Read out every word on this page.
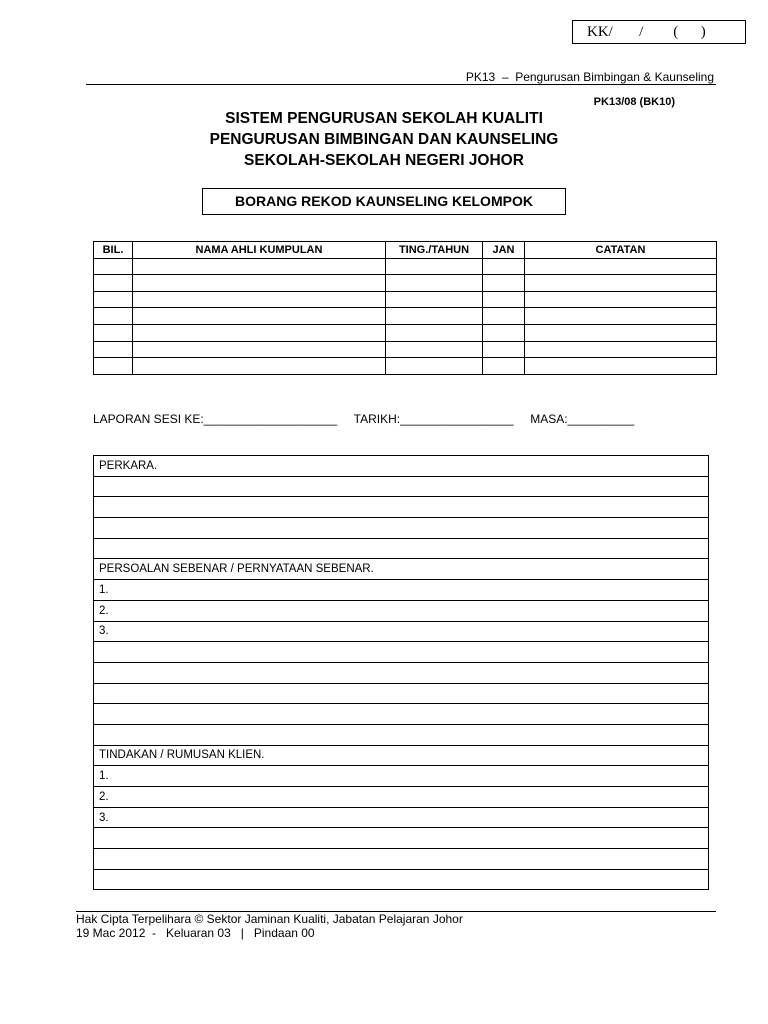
KK/       /        (      )
PK13  –  Pengurusan Bimbingan & Kaunseling
PK13/08 (BK10)
SISTEM PENGURUSAN SEKOLAH KUALITI
PENGURUSAN BIMBINGAN DAN KAUNSELING
SEKOLAH-SEKOLAH NEGERI JOHOR
BORANG REKOD KAUNSELING KELOMPOK
BIL.	NAMA AHLI KUMPULAN	TING./TAHUN	JAN	CATATAN

LAPORAN SESI KE:____________________     TARIKH:_________________     MASA:__________
PERKARA.

PERSOALAN SEBENAR / PERNYATAAN SEBENAR.
1.
2.
3.

TINDAKAN / RUMUSAN KLIEN.
1.
2.
3.

Hak Cipta Terpelihara © Sektor Jaminan Kualiti, Jabatan Pelajaran Johor
19 Mac 2012  -   Keluaran 03   |   Pindaan 00
